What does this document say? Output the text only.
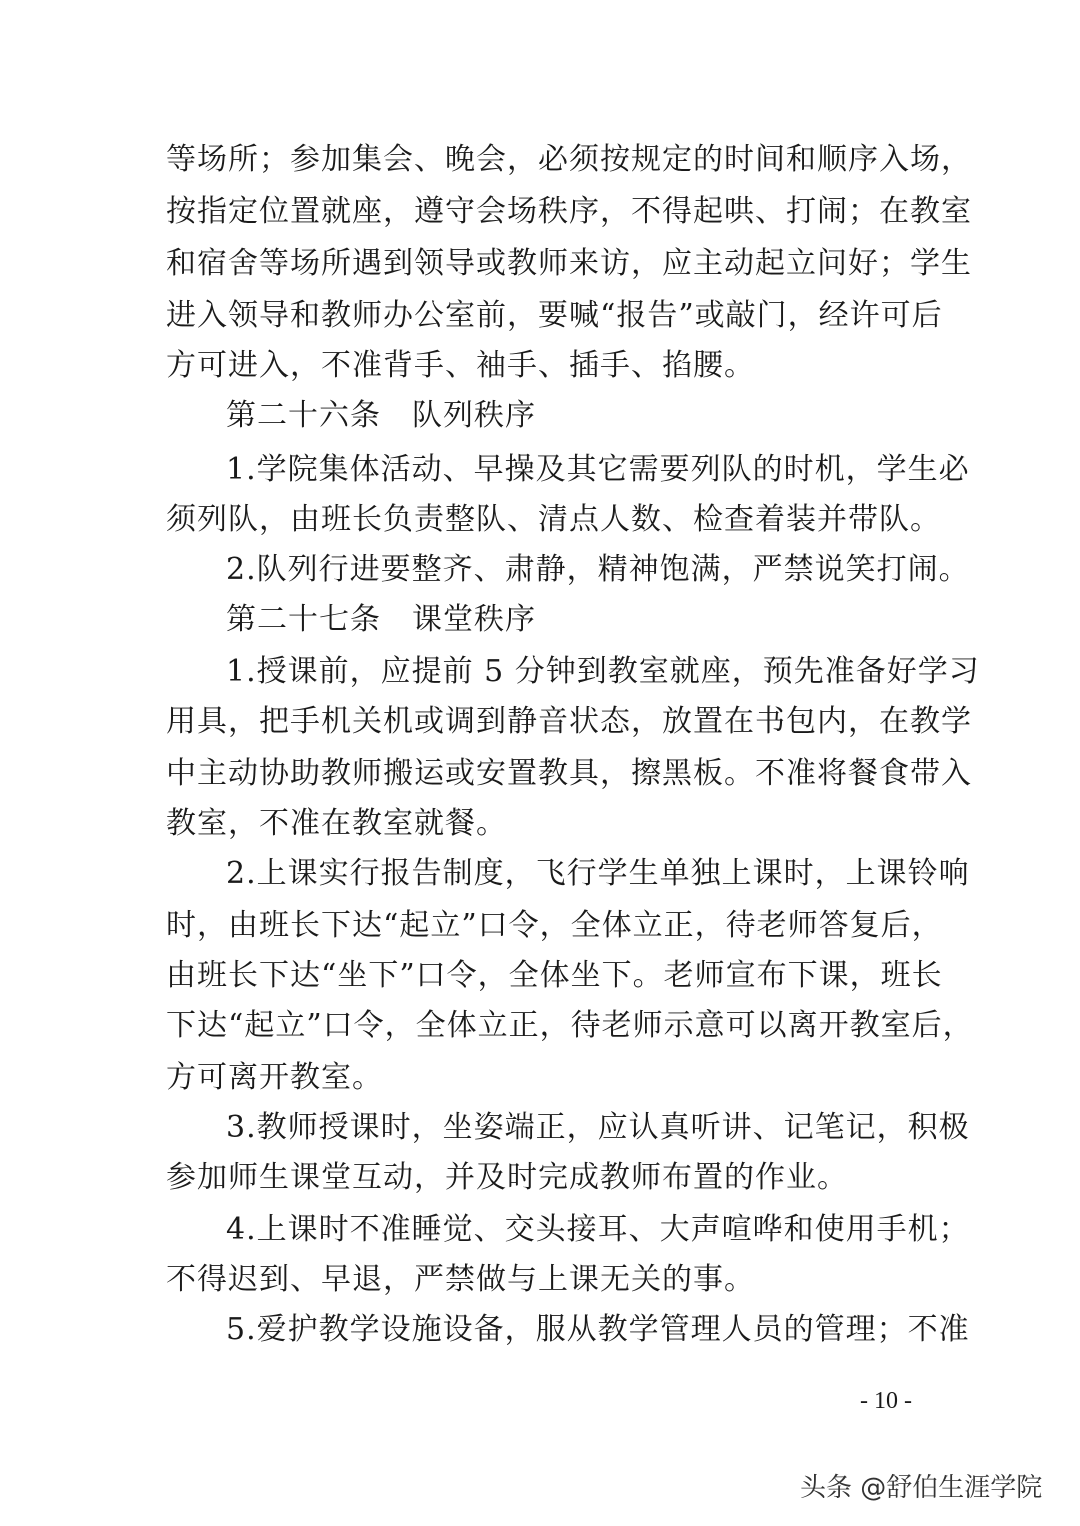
等场所；参加集会、晚会，必须按规定的时间和顺序入场，
按指定位置就座，遵守会场秩序，不得起哄、打闹；在教室
和宿舍等场所遇到领导或教师来访，应主动起立问好；学生
进入领导和教师办公室前，要喊“报告”或敲门，经许可后
方可进入，不准背手、袖手、插手、掐腰。
第二十六条　队列秩序
1.学院集体活动、早操及其它需要列队的时机，学生必
须列队，由班长负责整队、清点人数、检查着装并带队。
2.队列行进要整齐、肃静，精神饱满，严禁说笑打闹。
第二十七条　课堂秩序
1.授课前，应提前 5 分钟到教室就座，预先准备好学习
用具，把手机关机或调到静音状态，放置在书包内，在教学
中主动协助教师搬运或安置教具，擦黑板。不准将餐食带入
教室，不准在教室就餐。
2.上课实行报告制度，飞行学生单独上课时，上课铃响
时，由班长下达“起立”口令，全体立正，待老师答复后，
由班长下达“坐下”口令，全体坐下。老师宣布下课，班长
下达“起立”口令，全体立正，待老师示意可以离开教室后，
方可离开教室。
3.教师授课时，坐姿端正，应认真听讲、记笔记，积极
参加师生课堂互动，并及时完成教师布置的作业。
4.上课时不准睡觉、交头接耳、大声喧哗和使用手机；
不得迟到、早退，严禁做与上课无关的事。
5.爱护教学设施设备，服从教学管理人员的管理；不准
- 10 -
头条 @舒伯生涯学院
